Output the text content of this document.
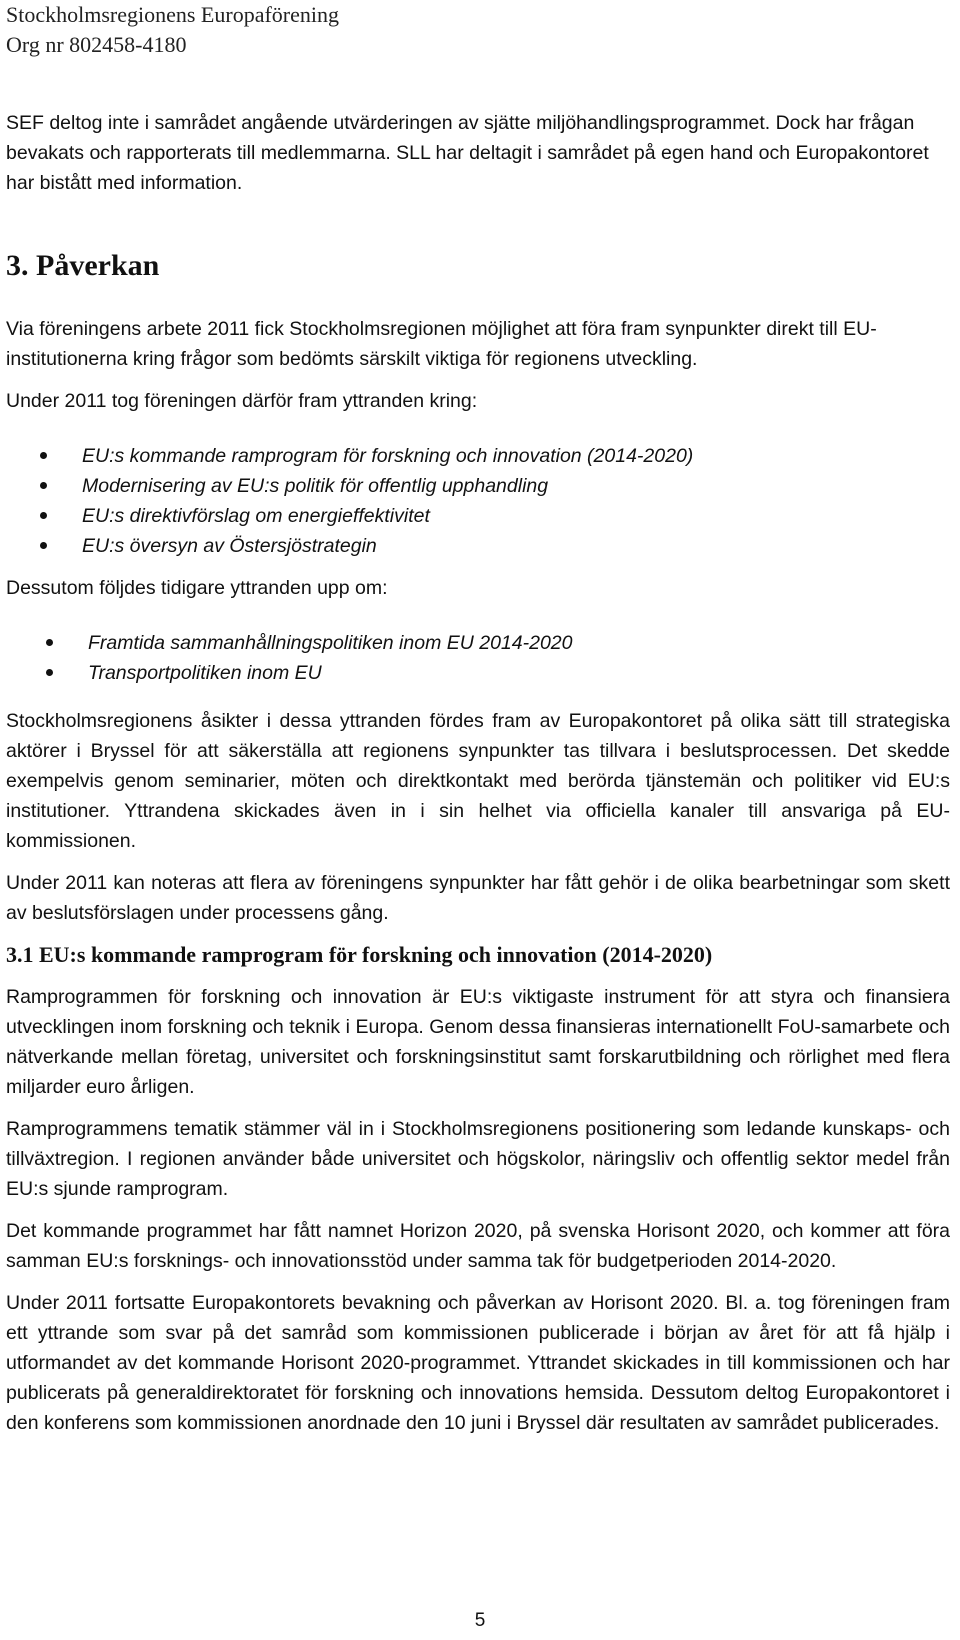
Stockholmsregionens Europaförening
Org nr 802458-4180

SEF deltog inte i samrådet angående utvärderingen av sjätte miljöhandlingsprogrammet. Dock har frågan bevakats och rapporterats till medlemmarna. SLL har deltagit i samrådet på egen hand och Europakontoret har bistått med information.

3. Påverkan

Via föreningens arbete 2011 fick Stockholmsregionen möjlighet att föra fram synpunkter direkt till EU-institutionerna kring frågor som bedömts särskilt viktiga för regionens utveckling.

Under 2011 tog föreningen därför fram yttranden kring:

EU:s kommande ramprogram för forskning och innovation (2014-2020)
Modernisering av EU:s politik för offentlig upphandling
EU:s direktivförslag om energieffektivitet
EU:s översyn av Östersjöstrategin

Dessutom följdes tidigare yttranden upp om:

Framtida sammanhållningspolitiken inom EU 2014-2020
Transportpolitiken inom EU

Stockholmsregionens åsikter i dessa yttranden fördes fram av Europakontoret på olika sätt till strategiska aktörer i Bryssel för att säkerställa att regionens synpunkter tas tillvara i beslutsprocessen. Det skedde exempelvis genom seminarier, möten och direktkontakt med berörda tjänstemän och politiker vid EU:s institutioner. Yttrandena skickades även in i sin helhet via officiella kanaler till ansvariga på EU-kommissionen.

Under 2011 kan noteras att flera av föreningens synpunkter har fått gehör i de olika bearbetningar som skett av beslutsförslagen under processens gång.

3.1 EU:s kommande ramprogram för forskning och innovation (2014-2020)

Ramprogrammen för forskning och innovation är EU:s viktigaste instrument för att styra och finansiera utvecklingen inom forskning och teknik i Europa. Genom dessa finansieras internationellt FoU-samarbete och nätverkande mellan företag, universitet och forskningsinstitut samt forskarutbildning och rörlighet med flera miljarder euro årligen.

Ramprogrammens tematik stämmer väl in i Stockholmsregionens positionering som ledande kunskaps- och tillväxtregion. I regionen använder både universitet och högskolor, näringsliv och offentlig sektor medel från EU:s sjunde ramprogram.

Det kommande programmet har fått namnet Horizon 2020, på svenska Horisont 2020, och kommer att föra samman EU:s forsknings- och innovationsstöd under samma tak för budgetperioden 2014-2020.

Under 2011 fortsatte Europakontorets bevakning och påverkan av Horisont 2020. Bl. a. tog föreningen fram ett yttrande som svar på det samråd som kommissionen publicerade i början av året för att få hjälp i utformandet av det kommande Horisont 2020-programmet. Yttrandet skickades in till kommissionen och har publicerats på generaldirektoratet för forskning och innovations hemsida. Dessutom deltog Europakontoret i den konferens som kommissionen anordnade den 10 juni i Bryssel där resultaten av samrådet publicerades.

5
